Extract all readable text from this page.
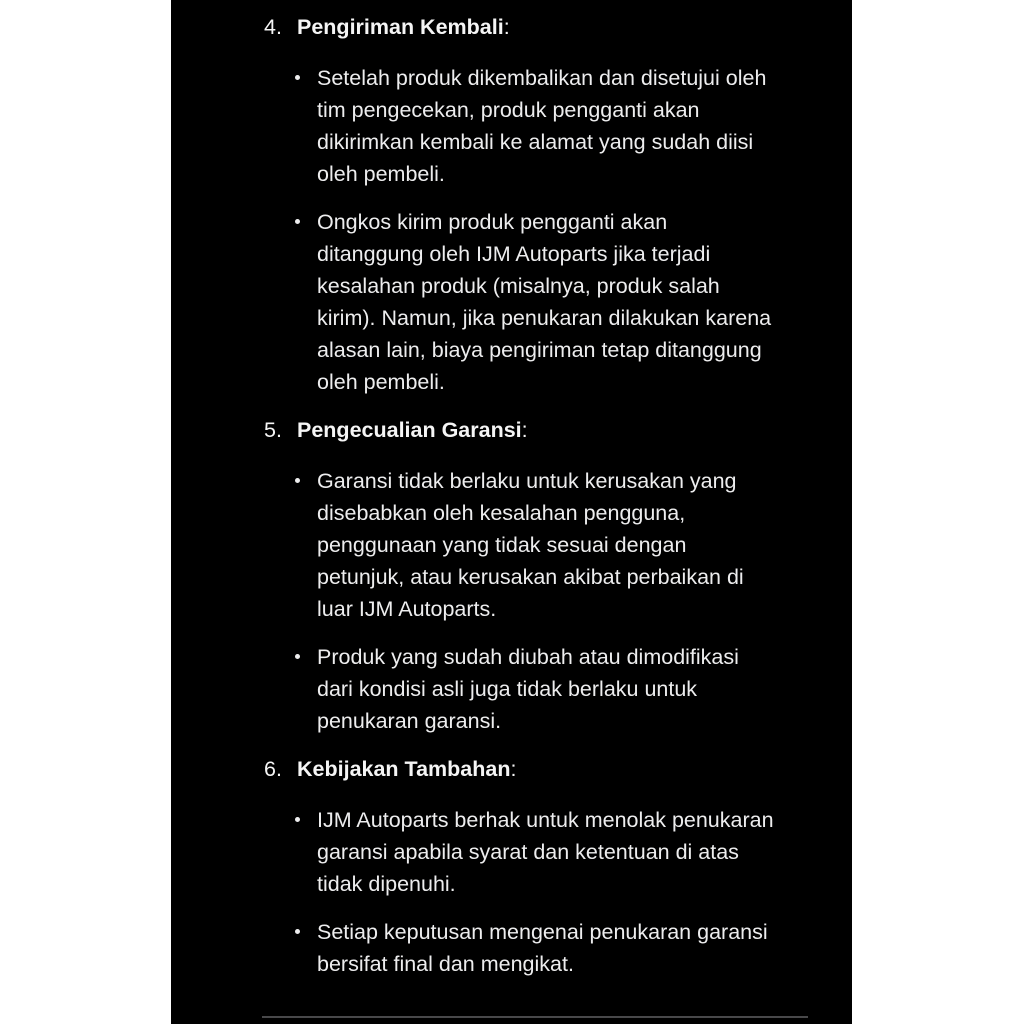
4. Pengiriman Kembali:
Setelah produk dikembalikan dan disetujui oleh
tim pengecekan, produk pengganti akan
dikirimkan kembali ke alamat yang sudah diisi
oleh pembeli.
Ongkos kirim produk pengganti akan
ditanggung oleh IJM Autoparts jika terjadi
kesalahan produk (misalnya, produk salah
kirim). Namun, jika penukaran dilakukan karena
alasan lain, biaya pengiriman tetap ditanggung
oleh pembeli.
5. Pengecualian Garansi:
Garansi tidak berlaku untuk kerusakan yang
disebabkan oleh kesalahan pengguna,
penggunaan yang tidak sesuai dengan
petunjuk, atau kerusakan akibat perbaikan di
luar IJM Autoparts.
Produk yang sudah diubah atau dimodifikasi
dari kondisi asli juga tidak berlaku untuk
penukaran garansi.
6. Kebijakan Tambahan:
IJM Autoparts berhak untuk menolak penukaran
garansi apabila syarat dan ketentuan di atas
tidak dipenuhi.
Setiap keputusan mengenai penukaran garansi
bersifat final dan mengikat.
